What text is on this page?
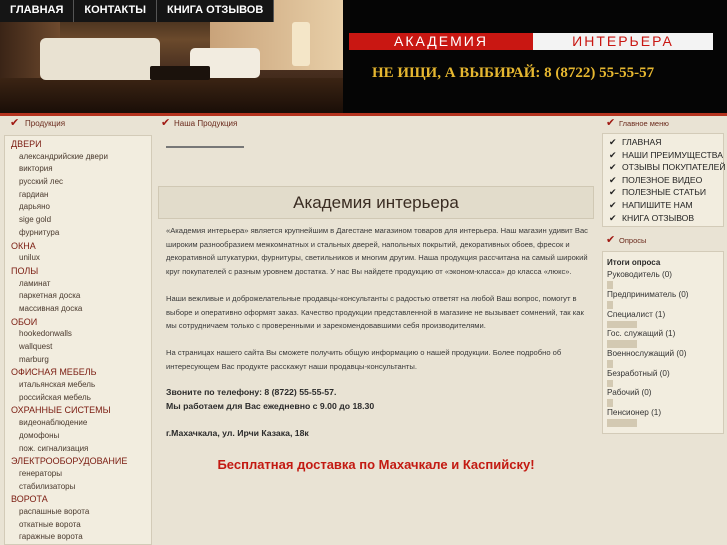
ГЛАВНАЯ	КОНТАКТЫ	КНИГА ОТЗЫВОВ
АКАДЕМИЯ	ИНТЕРЬЕРА
НЕ ИЩИ, А ВЫБИРАЙ: 8 (8722) 55-55-57
✔ Продукция
ДВЕРИ
александрийские двери
виктория
русский лес
гардиан
дарьяно
sige gold
фурнитура
ОКНА
unilux
ПОЛЫ
ламинат
паркетная доска
массивная доска
ОБОИ
hookedonwalls
wallquest
marburg
ОФИСНАЯ МЕБЕЛЬ
итальянская мебель
российская мебель
ОХРАННЫЕ СИСТЕМЫ
видеонаблюдение
домофоны
пож. сигнализация
ЭЛЕКТРООБОРУДОВАНИЕ
генераторы
стабилизаторы
ВОРОТА
распашные ворота
откатные ворота
гаражные ворота
✔ Наша Продукция
Академия интерьера

«Академия интерьера» является крупнейшим в Дагестане магазином товаров для интерьера. Наш магазин удивит Вас широким разнообразием межкомнатных и стальных дверей, напольных покрытий, декоративных обоев, фресок и декоративной штукатурки, фурнитуры, светильников и многим другим. Наша продукция рассчитана на самый широкий круг покупателей с разным уровнем достатка. У нас Вы найдете продукцию от «эконом-класса» до класса «люкс».

Наши вежливые и доброжелательные продавцы-консультанты с радостью ответят на любой Ваш вопрос, помогут в выборе и оперативно оформят заказ. Качество продукции представленной в магазине не вызывает сомнений, так как мы сотрудничаем только с проверенными и зарекомендовавшими себя производителями.

На страницах нашего сайта Вы сможете получить общую информацию о нашей продукции. Более подробно об интересующем Вас продукте расскажут наши продавцы-консультанты.

Звоните по телефону: 8 (8722) 55-55-57.

Мы работаем для Вас ежедневно с 9.00 до 18.30

г.Махачкала, ул. Ирчи Казака, 18к
Бесплатная доставка по Махачкале и Каспийску!
✔ Главное меню
✔ ГЛАВНАЯ
✔ НАШИ ПРЕИМУЩЕСТВА
✔ ОТЗЫВЫ ПОКУПАТЕЛЕЙ
✔ ПОЛЕЗНОЕ ВИДЕО
✔ ПОЛЕЗНЫЕ СТАТЬИ
✔ НАПИШИТЕ НАМ
✔ КНИГА ОТЗЫВОВ
✔ Опросы
Итоги опроса
Руководитель (0)
Предприниматель (0)
Специалист (1)
Гос. служащий (1)
Военнослужащий (0)
Безработный (0)
Рабочий (0)
Пенсионер (1)
